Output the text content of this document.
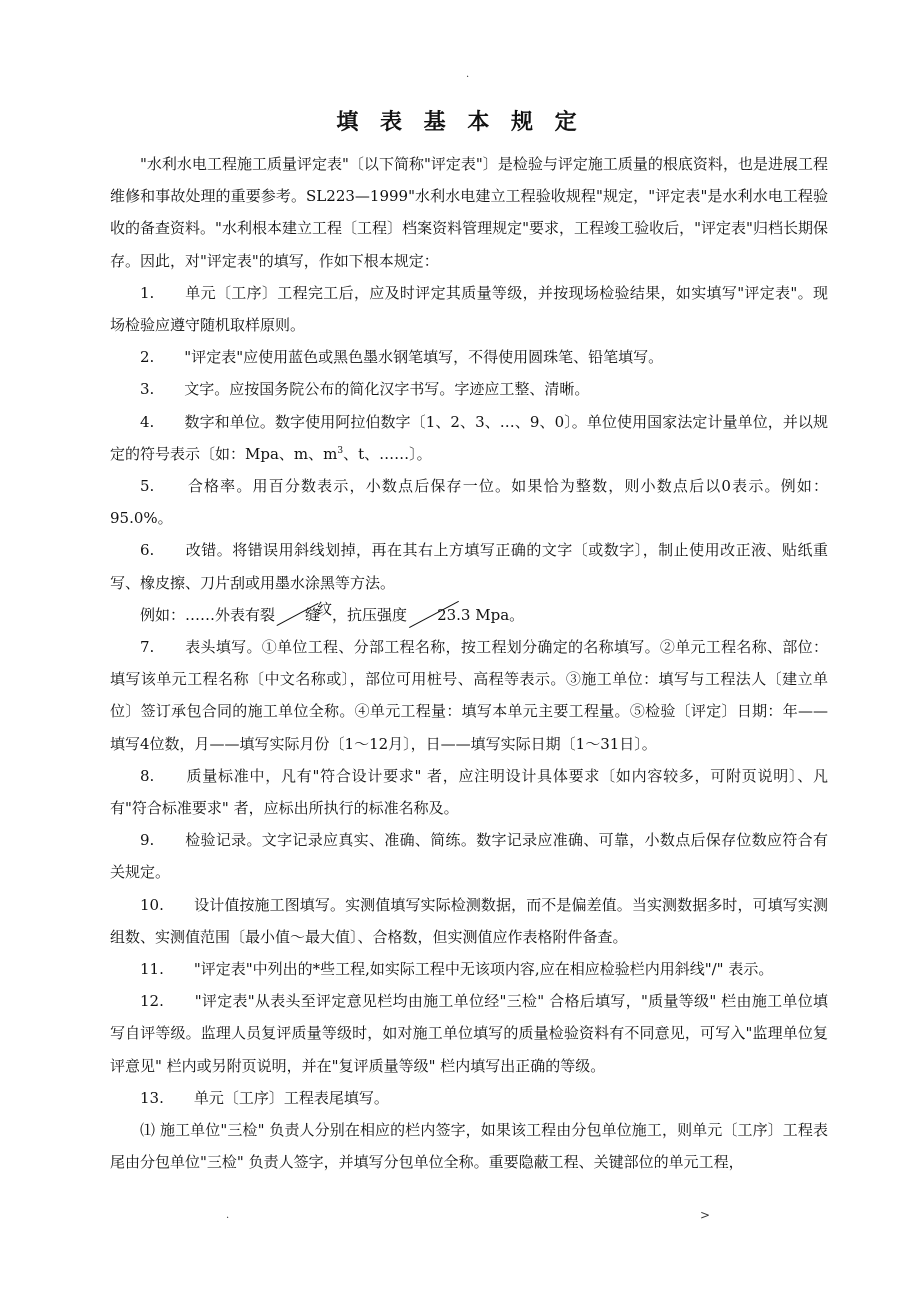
.
填 表 基 本 规 定

"水利水电工程施工质量评定表"〔以下简称"评定表"〕是检验与评定施工质量的根底资料，也是进展工程维修和事故处理的重要参考。SL223—1999"水利水电建立工程验收规程"规定，"评定表"是水利水电工程验收的备查资料。"水利根本建立工程〔工程〕档案资料管理规定"要求，工程竣工验收后，"评定表"归档长期保存。因此，对"评定表"的填写，作如下根本规定：

1.　　单元〔工序〕工程完工后，应及时评定其质量等级，并按现场检验结果，如实填写"评定表"。现场检验应遵守随机取样原则。

2.　　"评定表"应使用蓝色或黑色墨水钢笔填写，不得使用圆珠笔、铅笔填写。

3.　　文字。应按国务院公布的简化汉字书写。字迹应工整、清晰。

4.　　数字和单位。数字使用阿拉伯数字〔1、2、3、…、9、0〕。单位使用国家法定计量单位，并以规定的符号表示〔如：Mpa、m、$m^3$、t、……〕。

5.　　合格率。用百分数表示，小数点后保存一位。如果恰为整数，则小数点后以0表示。例如：95.0%。

6.　　改错。将错误用斜线划掉，再在其右上方填写正确的文字〔或数字〕，制止使用改正液、贴纸重写、橡皮擦、刀片刮或用墨水涂黑等方法。

例如：……外表有裂 缝纹，抗压强度 23.3 Mpa。

7.　　表头填写。①单位工程、分部工程名称，按工程划分确定的名称填写。②单元工程名称、部位：填写该单元工程名称〔中文名称或〕，部位可用桩号、高程等表示。③施工单位：填写与工程法人〔建立单位〕签订承包合同的施工单位全称。④单元工程量：填写本单元主要工程量。⑤检验〔评定〕日期：年——填写4位数，月——填写实际月份〔1～12月〕，日——填写实际日期〔1～31日〕。

8.　　质量标准中，凡有"符合设计要求" 者，应注明设计具体要求〔如内容较多，可附页说明〕、凡有"符合标准要求" 者，应标出所执行的标准名称及。

9.　　检验记录。文字记录应真实、准确、简练。数字记录应准确、可靠，小数点后保存位数应符合有关规定。

10.　　设计值按施工图填写。实测值填写实际检测数据，而不是偏差值。当实测数据多时，可填写实测组数、实测值范围〔最小值～最大值〕、合格数，但实测值应作表格附件备查。

11.　　"评定表"中列出的*些工程,如实际工程中无该项内容,应在相应检验栏内用斜线"/" 表示。

12.　　"评定表"从表头至评定意见栏均由施工单位经"三检" 合格后填写，"质量等级" 栏由施工单位填写自评等级。监理人员复评质量等级时，如对施工单位填写的质量检验资料有不同意见，可写入"监理单位复评意见" 栏内或另附页说明，并在"复评质量等级" 栏内填写出正确的等级。

13.　　单元〔工序〕工程表尾填写。

⑴ 施工单位"三检" 负责人分别在相应的栏内签字，如果该工程由分包单位施工，则单元〔工序〕工程表尾由分包单位"三检" 负责人签字，并填写分包单位全称。重要隐蔽工程、关键部位的单元工程，

.	>
